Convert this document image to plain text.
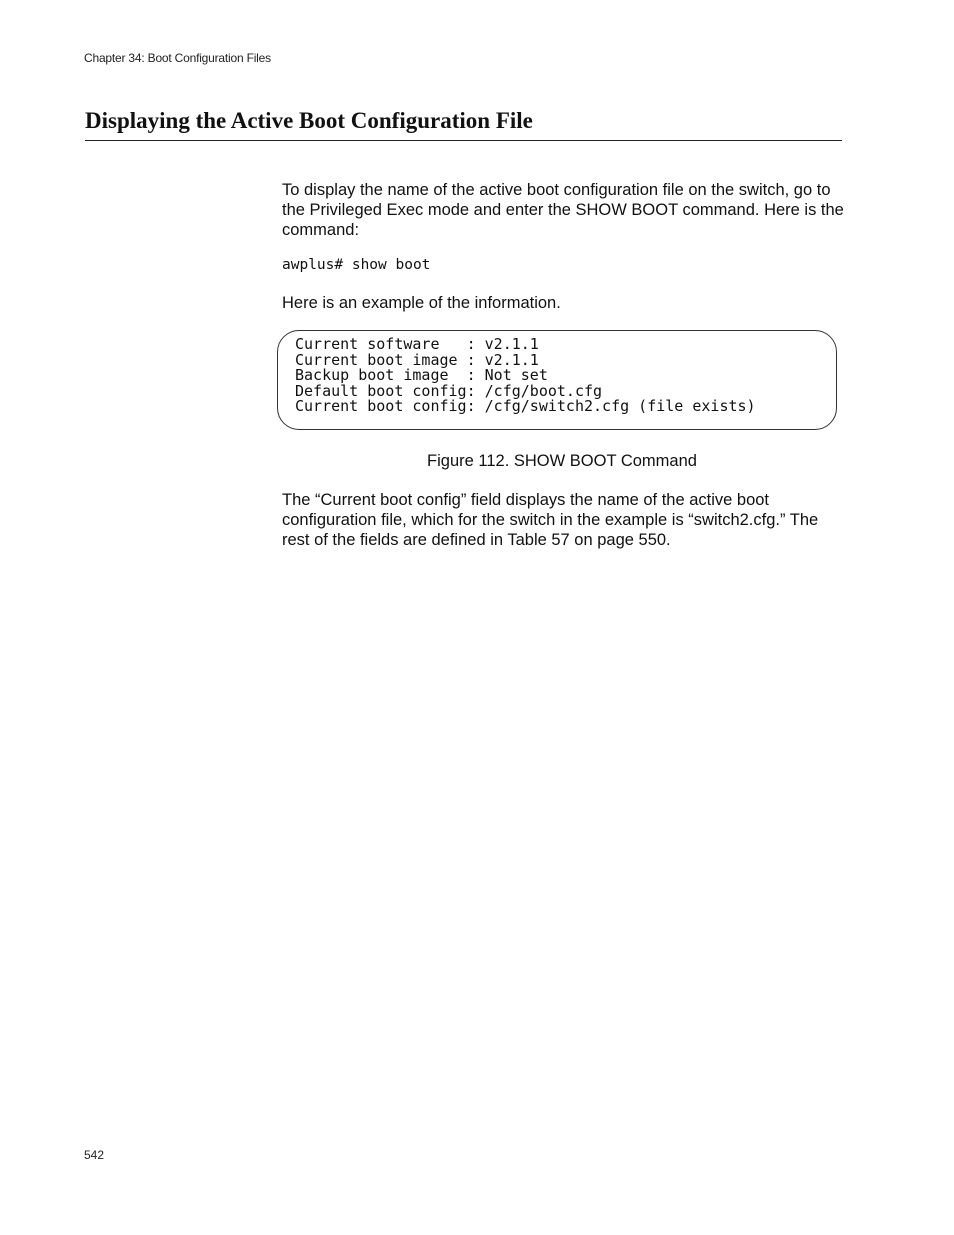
Chapter 34: Boot Configuration Files
Displaying the Active Boot Configuration File

To display the name of the active boot configuration file on the switch, go to the Privileged Exec mode and enter the SHOW BOOT command. Here is the command:

awplus# show boot

Here is an example of the information.

Current software   : v2.1.1
Current boot image : v2.1.1
Backup boot image  : Not set
Default boot config: /cfg/boot.cfg
Current boot config: /cfg/switch2.cfg (file exists)
Figure 112. SHOW BOOT Command

The “Current boot config” field displays the name of the active boot configuration file, which for the switch in the example is “switch2.cfg.” The rest of the fields are defined in Table 57 on page 550.

542
